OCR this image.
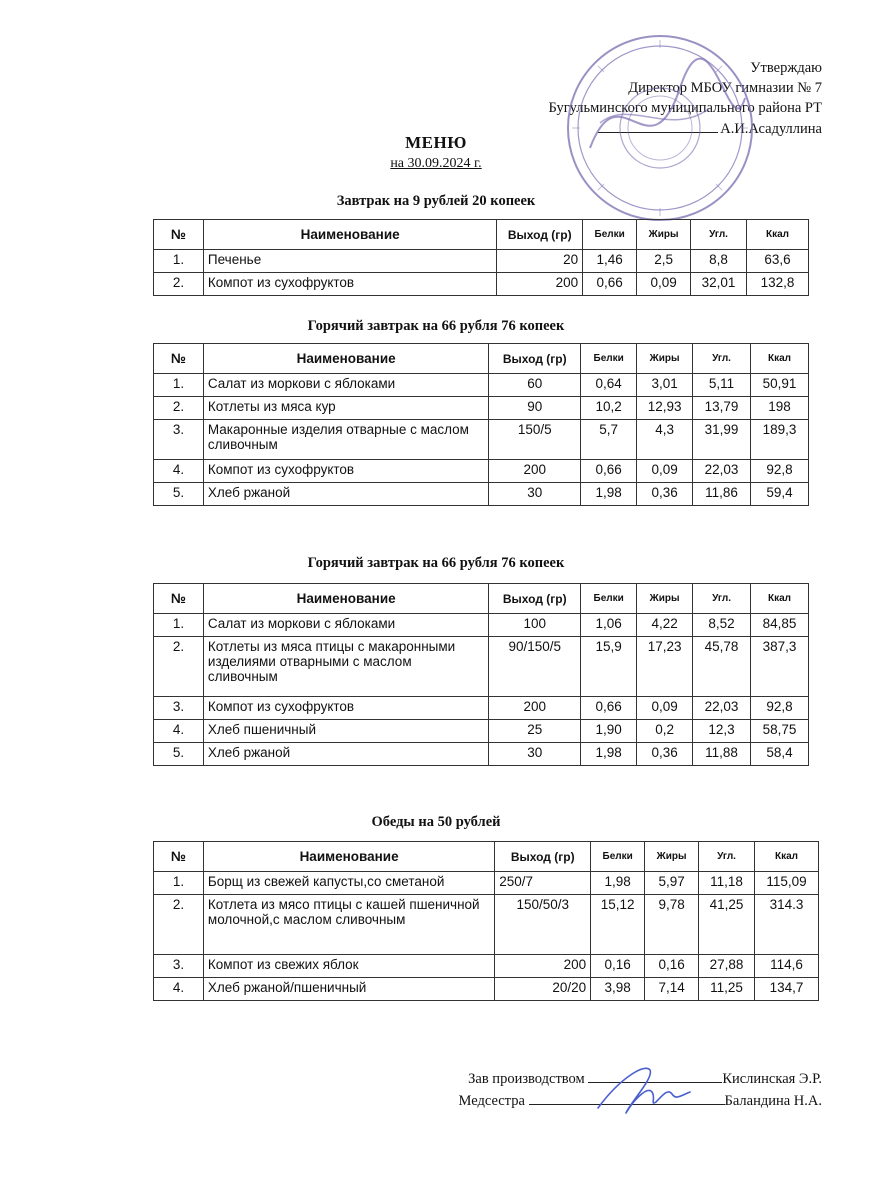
Утверждаю
Директор МБОУ гимназии № 7
Бугульминского муниципального района РТ
А.И.Асадуллина
МЕНЮ
на 30.09.2024 г.
Завтрак на 9 рублей 20 копеек
№	Наименование	Выход (гр)	Белки	Жиры	Угл.	Ккал
1.	Печенье	20	1,46	2,5	8,8	63,6
2.	Компот из сухофруктов	200	0,66	0,09	32,01	132,8
Горячий завтрак на 66 рубля 76 копеек
№	Наименование	Выход (гр)	Белки	Жиры	Угл.	Ккал
1.	Салат из моркови с яблоками	60	0,64	3,01	5,11	50,91
2.	Котлеты из мяса кур	90	10,2	12,93	13,79	198
3.	Макаронные изделия отварные с маслом сливочным	150/5	5,7	4,3	31,99	189,3
4.	Компот из сухофруктов	200	0,66	0,09	22,03	92,8
5.	Хлеб ржаной	30	1,98	0,36	11,86	59,4
Горячий завтрак на 66 рубля 76 копеек
№	Наименование	Выход (гр)	Белки	Жиры	Угл.	Ккал
1.	Салат из моркови с яблоками	100	1,06	4,22	8,52	84,85
2.	Котлеты из мяса птицы с макаронными изделиями отварными с маслом сливочным	90/150/5	15,9	17,23	45,78	387,3
3.	Компот из сухофруктов	200	0,66	0,09	22,03	92,8
4.	Хлеб пшеничный	25	1,90	0,2	12,3	58,75
5.	Хлеб ржаной	30	1,98	0,36	11,88	58,4
Обеды на 50 рублей
№	Наименование	Выход (гр)	Белки	Жиры	Угл.	Ккал
1.	Борщ из свежей капусты,со сметаной	250/7	1,98	5,97	11,18	115,09
2.	Котлета из мясо птицы с кашей пшеничной молочной,с маслом сливочным	150/50/3	15,12	9,78	41,25	314.3
3.	Компот из свежих яблок	200	0,16	0,16	27,88	114,6
4.	Хлеб ржаной/пшеничный	20/20	3,98	7,14	11,25	134,7
Зав производством	Кислинская Э.Р.
Медсестра	Баландина Н.А.
